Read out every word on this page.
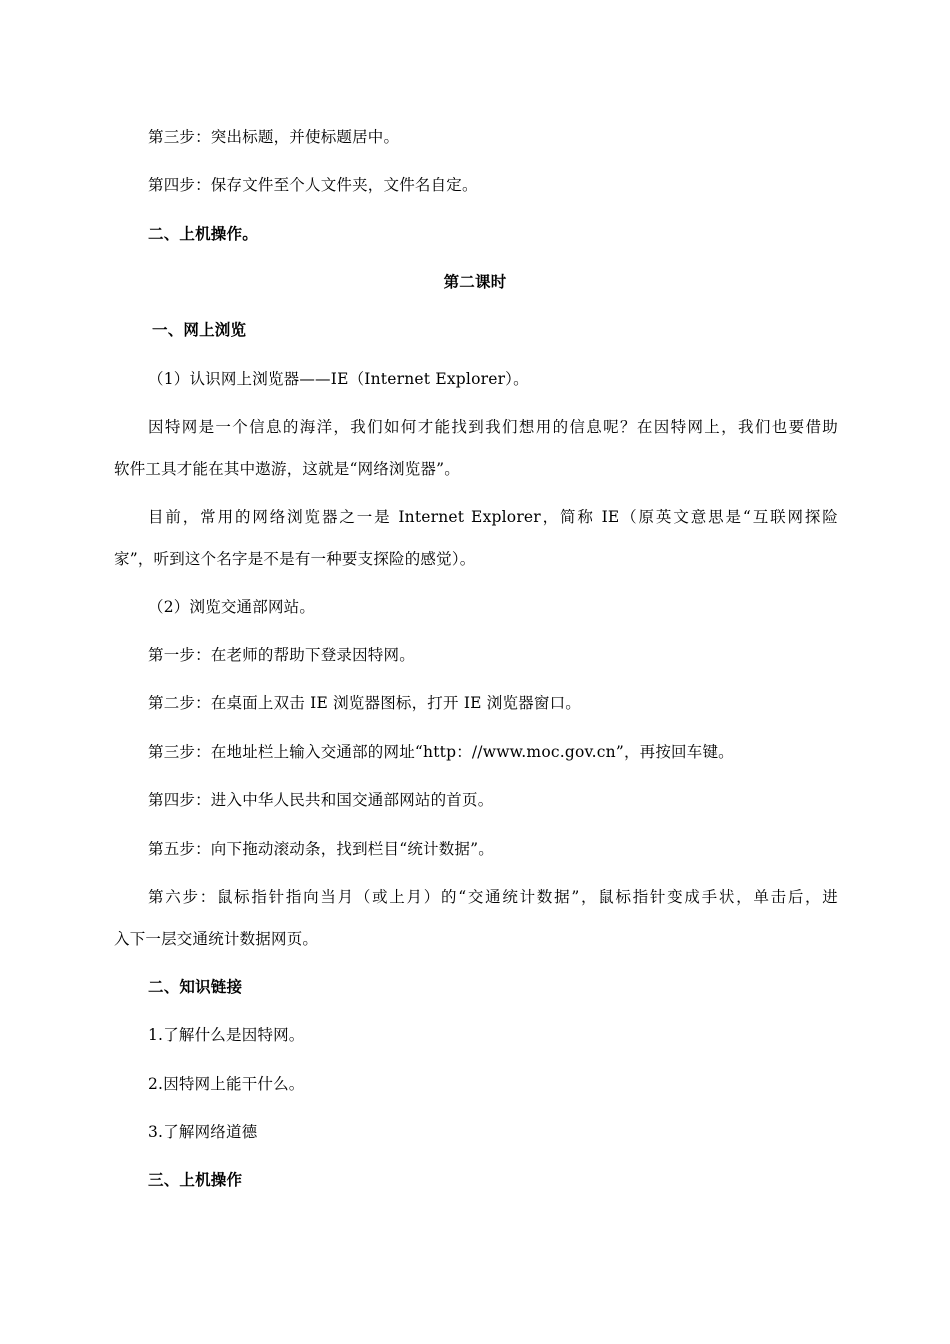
第三步：突出标题，并使标题居中。
第四步：保存文件至个人文件夹，文件名自定。
二、上机操作。
第二课时
一、网上浏览
（1）认识网上浏览器——IE（Internet Explorer）。
因特网是一个信息的海洋，我们如何才能找到我们想用的信息呢？在因特网上，我们也要借助
软件工具才能在其中遨游，这就是“网络浏览器”。
目前，常用的网络浏览器之一是 Internet Explorer，简称 IE（原英文意思是“互联网探险
家”，听到这个名字是不是有一种要支探险的感觉）。
（2）浏览交通部网站。
第一步：在老师的帮助下登录因特网。
第二步：在桌面上双击 IE 浏览器图标，打开 IE 浏览器窗口。
第三步：在地址栏上输入交通部的网址“http：//www.moc.gov.cn”，再按回车键。
第四步：进入中华人民共和国交通部网站的首页。
第五步：向下拖动滚动条，找到栏目“统计数据”。
第六步：鼠标指针指向当月（或上月）的“交通统计数据”，鼠标指针变成手状，单击后，进
入下一层交通统计数据网页。
二、知识链接
1.了解什么是因特网。
2.因特网上能干什么。
3.了解网络道德
三、上机操作
